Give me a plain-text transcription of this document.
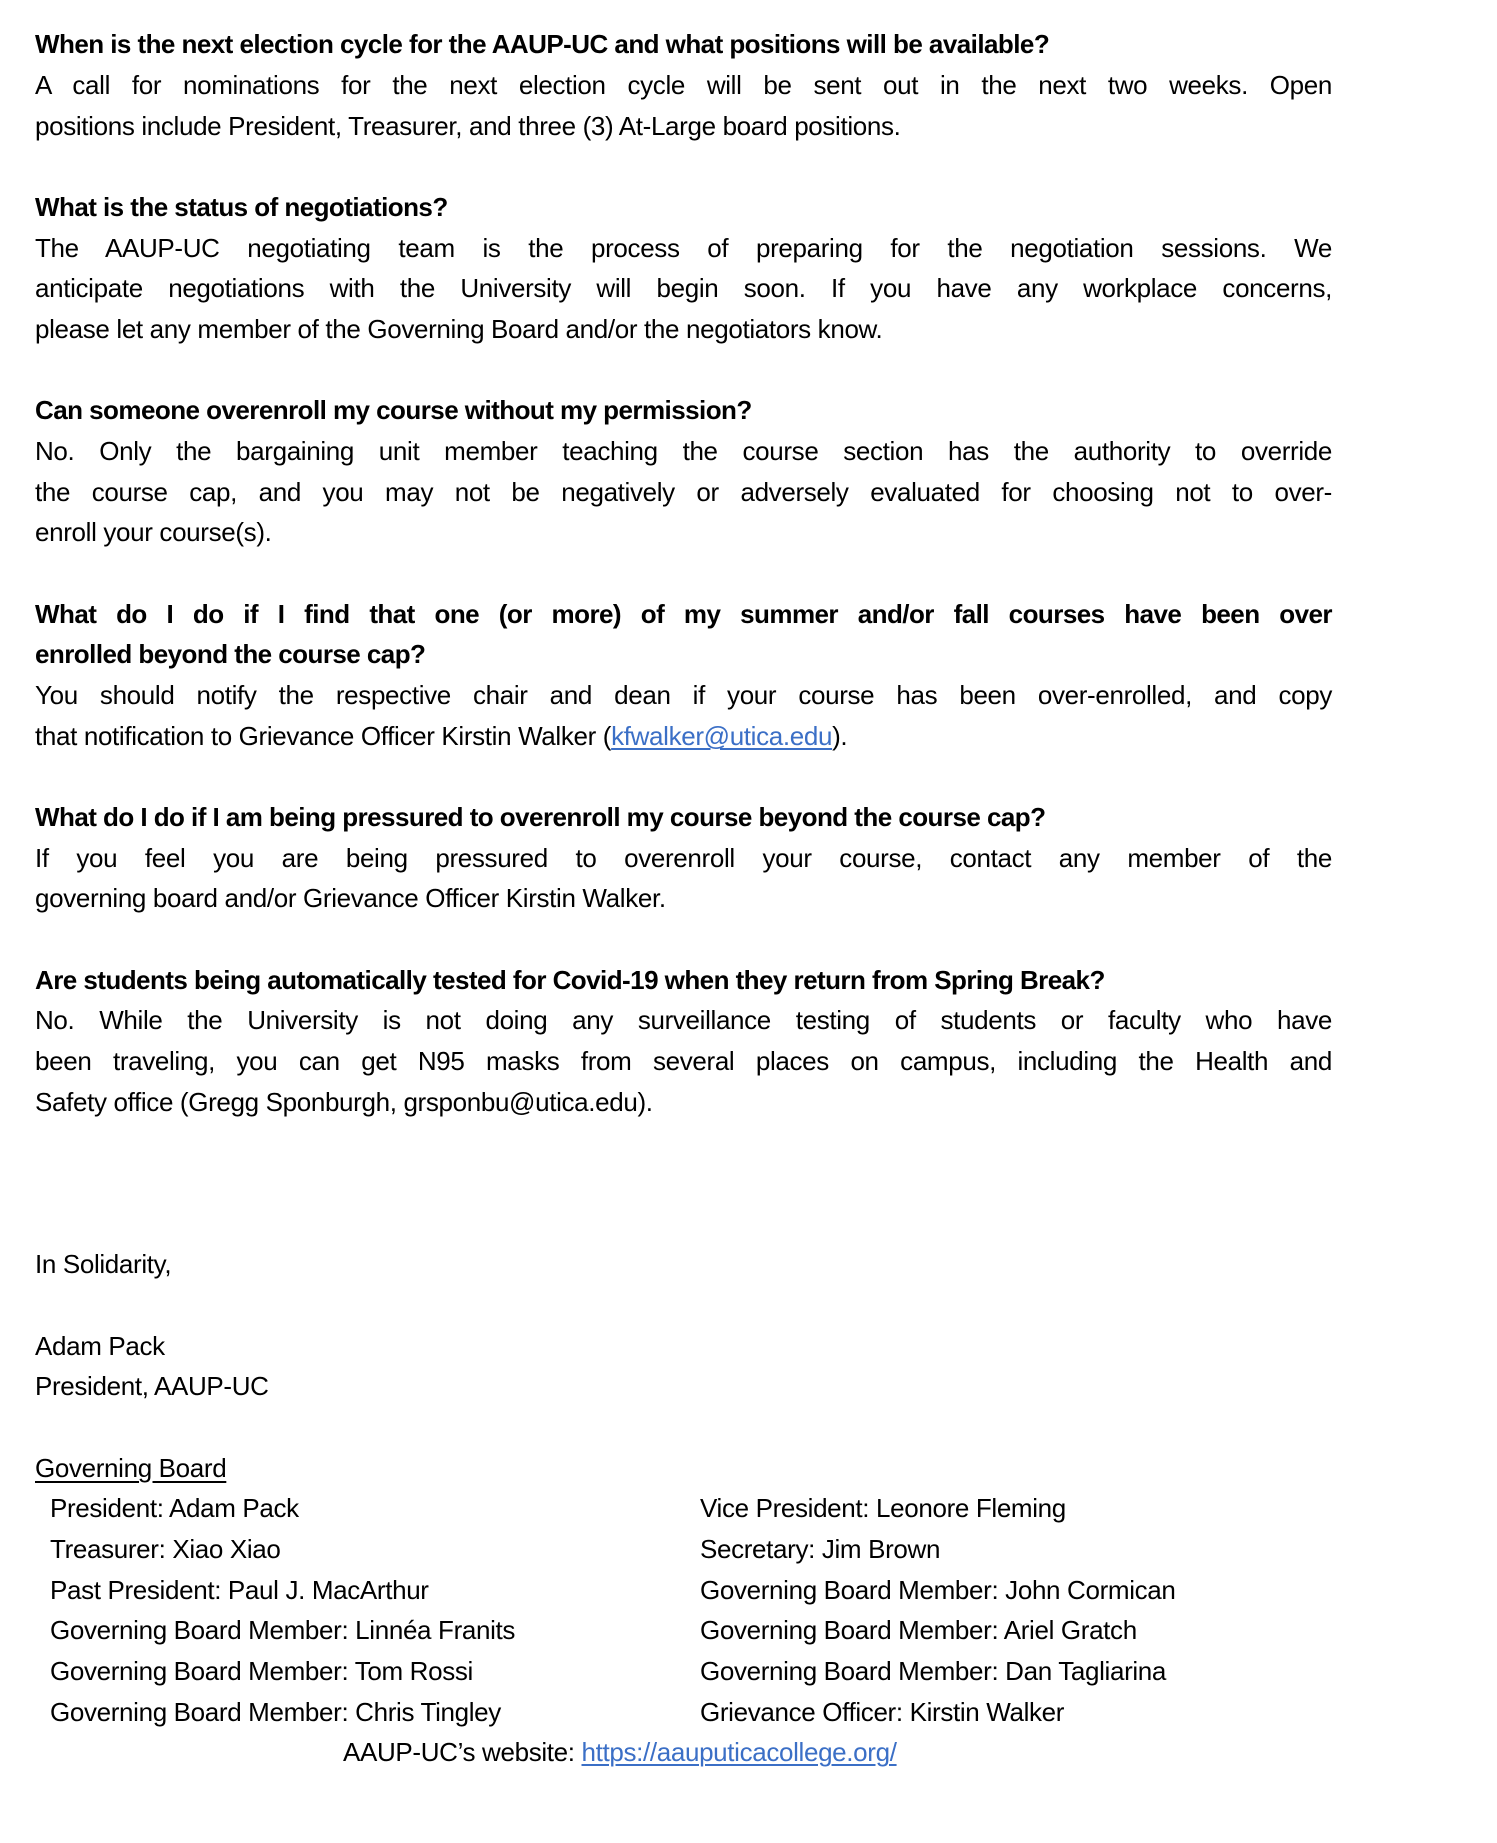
When is the next election cycle for the AAUP-UC and what positions will be available?
A call for nominations for the next election cycle will be sent out in the next two weeks. Open
positions include President, Treasurer, and three (3) At-Large board positions.
What is the status of negotiations?
The AAUP-UC negotiating team is the process of preparing for the negotiation sessions. We
anticipate negotiations with the University will begin soon. If you have any workplace concerns,
please let any member of the Governing Board and/or the negotiators know.
Can someone overenroll my course without my permission?
No. Only the bargaining unit member teaching the course section has the authority to override
the course cap, and you may not be negatively or adversely evaluated for choosing not to over-
enroll your course(s).
What do I do if I find that one (or more) of my summer and/or fall courses have been over
enrolled beyond the course cap?
You should notify the respective chair and dean if your course has been over-enrolled, and copy
that notification to Grievance Officer Kirstin Walker (kfwalker@utica.edu).
What do I do if I am being pressured to overenroll my course beyond the course cap?
If you feel you are being pressured to overenroll your course, contact any member of the
governing board and/or Grievance Officer Kirstin Walker.
Are students being automatically tested for Covid-19 when they return from Spring Break?
No. While the University is not doing any surveillance testing of students or faculty who have
been traveling, you can get N95 masks from several places on campus, including the Health and
Safety office (Gregg Sponburgh, grsponbu@utica.edu).
In Solidarity,
Adam Pack
President, AAUP-UC
Governing Board
President: Adam Pack	Vice President: Leonore Fleming
Treasurer: Xiao Xiao	Secretary: Jim Brown
Past President: Paul J. MacArthur	Governing Board Member: John Cormican
Governing Board Member: Linnéa Franits	Governing Board Member: Ariel Gratch
Governing Board Member: Tom Rossi	Governing Board Member: Dan Tagliarina
Governing Board Member: Chris Tingley	Grievance Officer: Kirstin Walker
AAUP-UC’s website: https://aauputicacollege.org/
